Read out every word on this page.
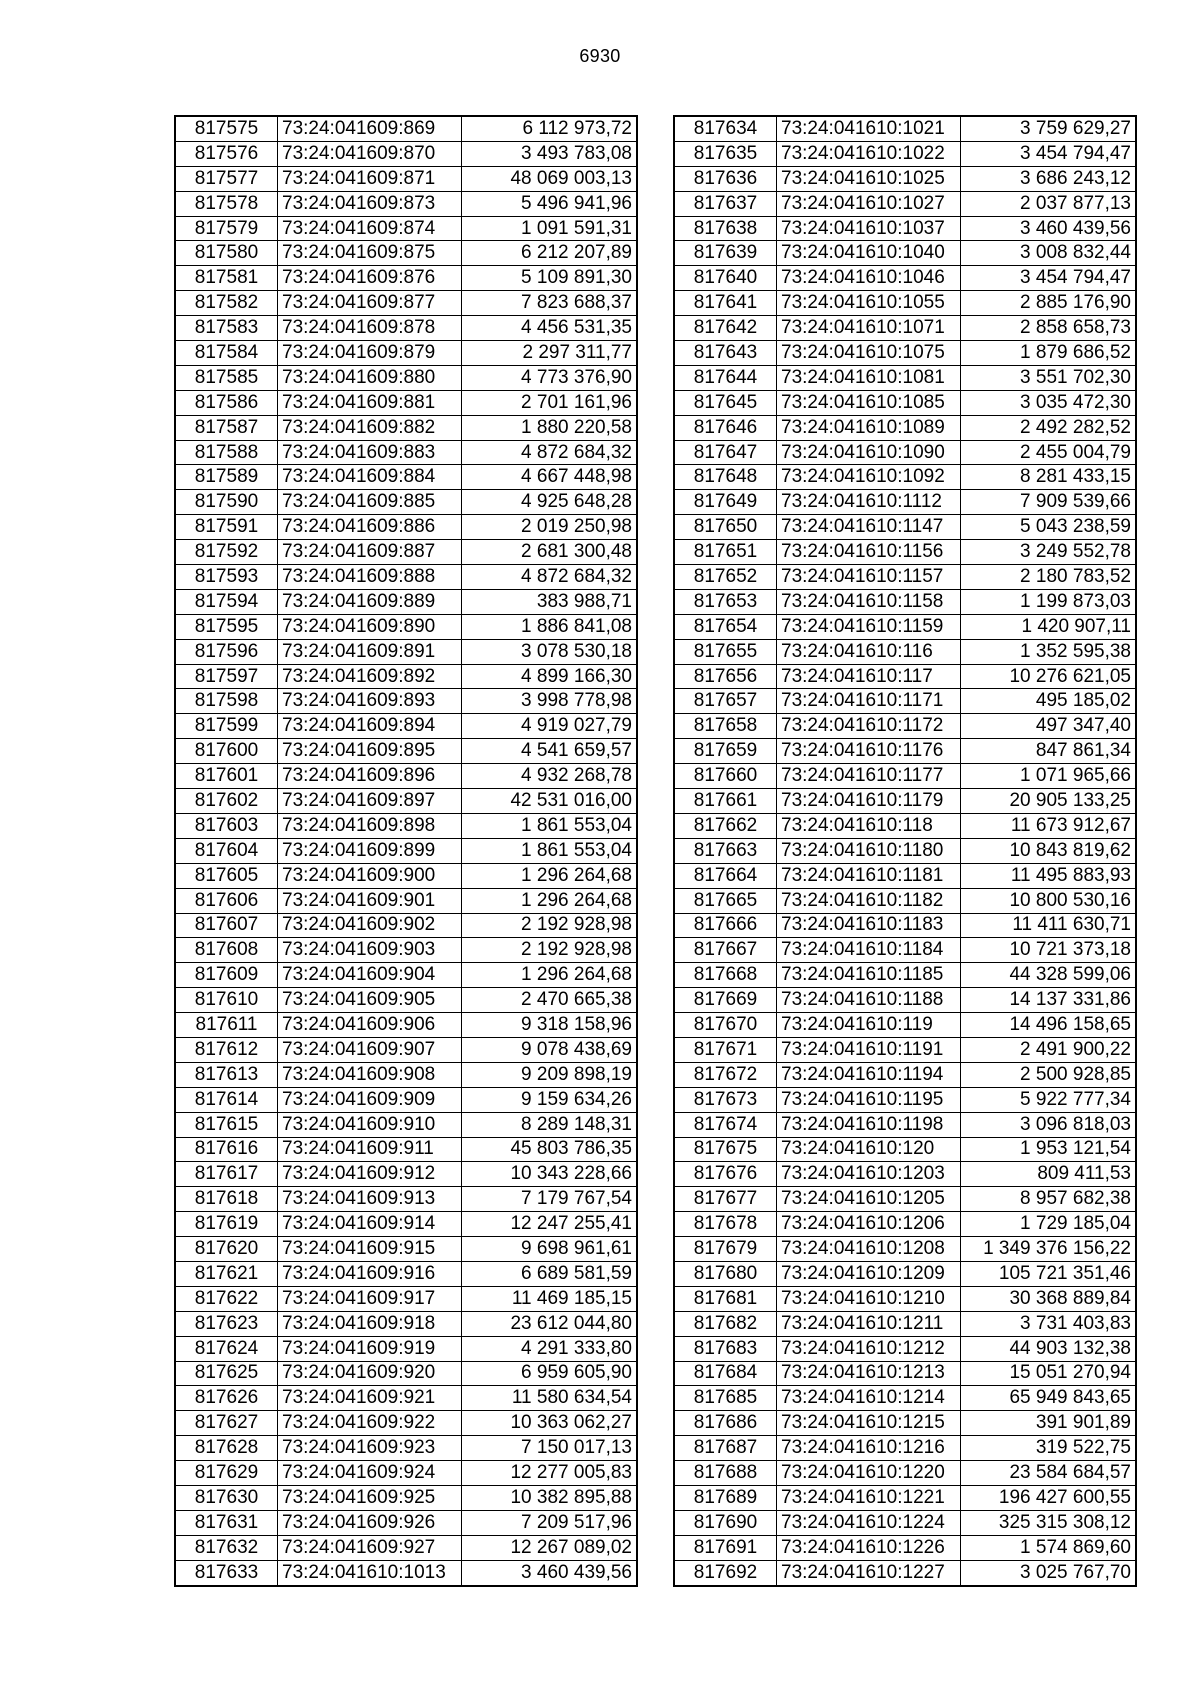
6930
817575	73:24:041609:869	6 112 973,72
817576	73:24:041609:870	3 493 783,08
817577	73:24:041609:871	48 069 003,13
817578	73:24:041609:873	5 496 941,96
817579	73:24:041609:874	1 091 591,31
817580	73:24:041609:875	6 212 207,89
817581	73:24:041609:876	5 109 891,30
817582	73:24:041609:877	7 823 688,37
817583	73:24:041609:878	4 456 531,35
817584	73:24:041609:879	2 297 311,77
817585	73:24:041609:880	4 773 376,90
817586	73:24:041609:881	2 701 161,96
817587	73:24:041609:882	1 880 220,58
817588	73:24:041609:883	4 872 684,32
817589	73:24:041609:884	4 667 448,98
817590	73:24:041609:885	4 925 648,28
817591	73:24:041609:886	2 019 250,98
817592	73:24:041609:887	2 681 300,48
817593	73:24:041609:888	4 872 684,32
817594	73:24:041609:889	383 988,71
817595	73:24:041609:890	1 886 841,08
817596	73:24:041609:891	3 078 530,18
817597	73:24:041609:892	4 899 166,30
817598	73:24:041609:893	3 998 778,98
817599	73:24:041609:894	4 919 027,79
817600	73:24:041609:895	4 541 659,57
817601	73:24:041609:896	4 932 268,78
817602	73:24:041609:897	42 531 016,00
817603	73:24:041609:898	1 861 553,04
817604	73:24:041609:899	1 861 553,04
817605	73:24:041609:900	1 296 264,68
817606	73:24:041609:901	1 296 264,68
817607	73:24:041609:902	2 192 928,98
817608	73:24:041609:903	2 192 928,98
817609	73:24:041609:904	1 296 264,68
817610	73:24:041609:905	2 470 665,38
817611	73:24:041609:906	9 318 158,96
817612	73:24:041609:907	9 078 438,69
817613	73:24:041609:908	9 209 898,19
817614	73:24:041609:909	9 159 634,26
817615	73:24:041609:910	8 289 148,31
817616	73:24:041609:911	45 803 786,35
817617	73:24:041609:912	10 343 228,66
817618	73:24:041609:913	7 179 767,54
817619	73:24:041609:914	12 247 255,41
817620	73:24:041609:915	9 698 961,61
817621	73:24:041609:916	6 689 581,59
817622	73:24:041609:917	11 469 185,15
817623	73:24:041609:918	23 612 044,80
817624	73:24:041609:919	4 291 333,80
817625	73:24:041609:920	6 959 605,90
817626	73:24:041609:921	11 580 634,54
817627	73:24:041609:922	10 363 062,27
817628	73:24:041609:923	7 150 017,13
817629	73:24:041609:924	12 277 005,83
817630	73:24:041609:925	10 382 895,88
817631	73:24:041609:926	7 209 517,96
817632	73:24:041609:927	12 267 089,02
817633	73:24:041610:1013	3 460 439,56
817634	73:24:041610:1021	3 759 629,27
817635	73:24:041610:1022	3 454 794,47
817636	73:24:041610:1025	3 686 243,12
817637	73:24:041610:1027	2 037 877,13
817638	73:24:041610:1037	3 460 439,56
817639	73:24:041610:1040	3 008 832,44
817640	73:24:041610:1046	3 454 794,47
817641	73:24:041610:1055	2 885 176,90
817642	73:24:041610:1071	2 858 658,73
817643	73:24:041610:1075	1 879 686,52
817644	73:24:041610:1081	3 551 702,30
817645	73:24:041610:1085	3 035 472,30
817646	73:24:041610:1089	2 492 282,52
817647	73:24:041610:1090	2 455 004,79
817648	73:24:041610:1092	8 281 433,15
817649	73:24:041610:1112	7 909 539,66
817650	73:24:041610:1147	5 043 238,59
817651	73:24:041610:1156	3 249 552,78
817652	73:24:041610:1157	2 180 783,52
817653	73:24:041610:1158	1 199 873,03
817654	73:24:041610:1159	1 420 907,11
817655	73:24:041610:116	1 352 595,38
817656	73:24:041610:117	10 276 621,05
817657	73:24:041610:1171	495 185,02
817658	73:24:041610:1172	497 347,40
817659	73:24:041610:1176	847 861,34
817660	73:24:041610:1177	1 071 965,66
817661	73:24:041610:1179	20 905 133,25
817662	73:24:041610:118	11 673 912,67
817663	73:24:041610:1180	10 843 819,62
817664	73:24:041610:1181	11 495 883,93
817665	73:24:041610:1182	10 800 530,16
817666	73:24:041610:1183	11 411 630,71
817667	73:24:041610:1184	10 721 373,18
817668	73:24:041610:1185	44 328 599,06
817669	73:24:041610:1188	14 137 331,86
817670	73:24:041610:119	14 496 158,65
817671	73:24:041610:1191	2 491 900,22
817672	73:24:041610:1194	2 500 928,85
817673	73:24:041610:1195	5 922 777,34
817674	73:24:041610:1198	3 096 818,03
817675	73:24:041610:120	1 953 121,54
817676	73:24:041610:1203	809 411,53
817677	73:24:041610:1205	8 957 682,38
817678	73:24:041610:1206	1 729 185,04
817679	73:24:041610:1208	1 349 376 156,22
817680	73:24:041610:1209	105 721 351,46
817681	73:24:041610:1210	30 368 889,84
817682	73:24:041610:1211	3 731 403,83
817683	73:24:041610:1212	44 903 132,38
817684	73:24:041610:1213	15 051 270,94
817685	73:24:041610:1214	65 949 843,65
817686	73:24:041610:1215	391 901,89
817687	73:24:041610:1216	319 522,75
817688	73:24:041610:1220	23 584 684,57
817689	73:24:041610:1221	196 427 600,55
817690	73:24:041610:1224	325 315 308,12
817691	73:24:041610:1226	1 574 869,60
817692	73:24:041610:1227	3 025 767,70
